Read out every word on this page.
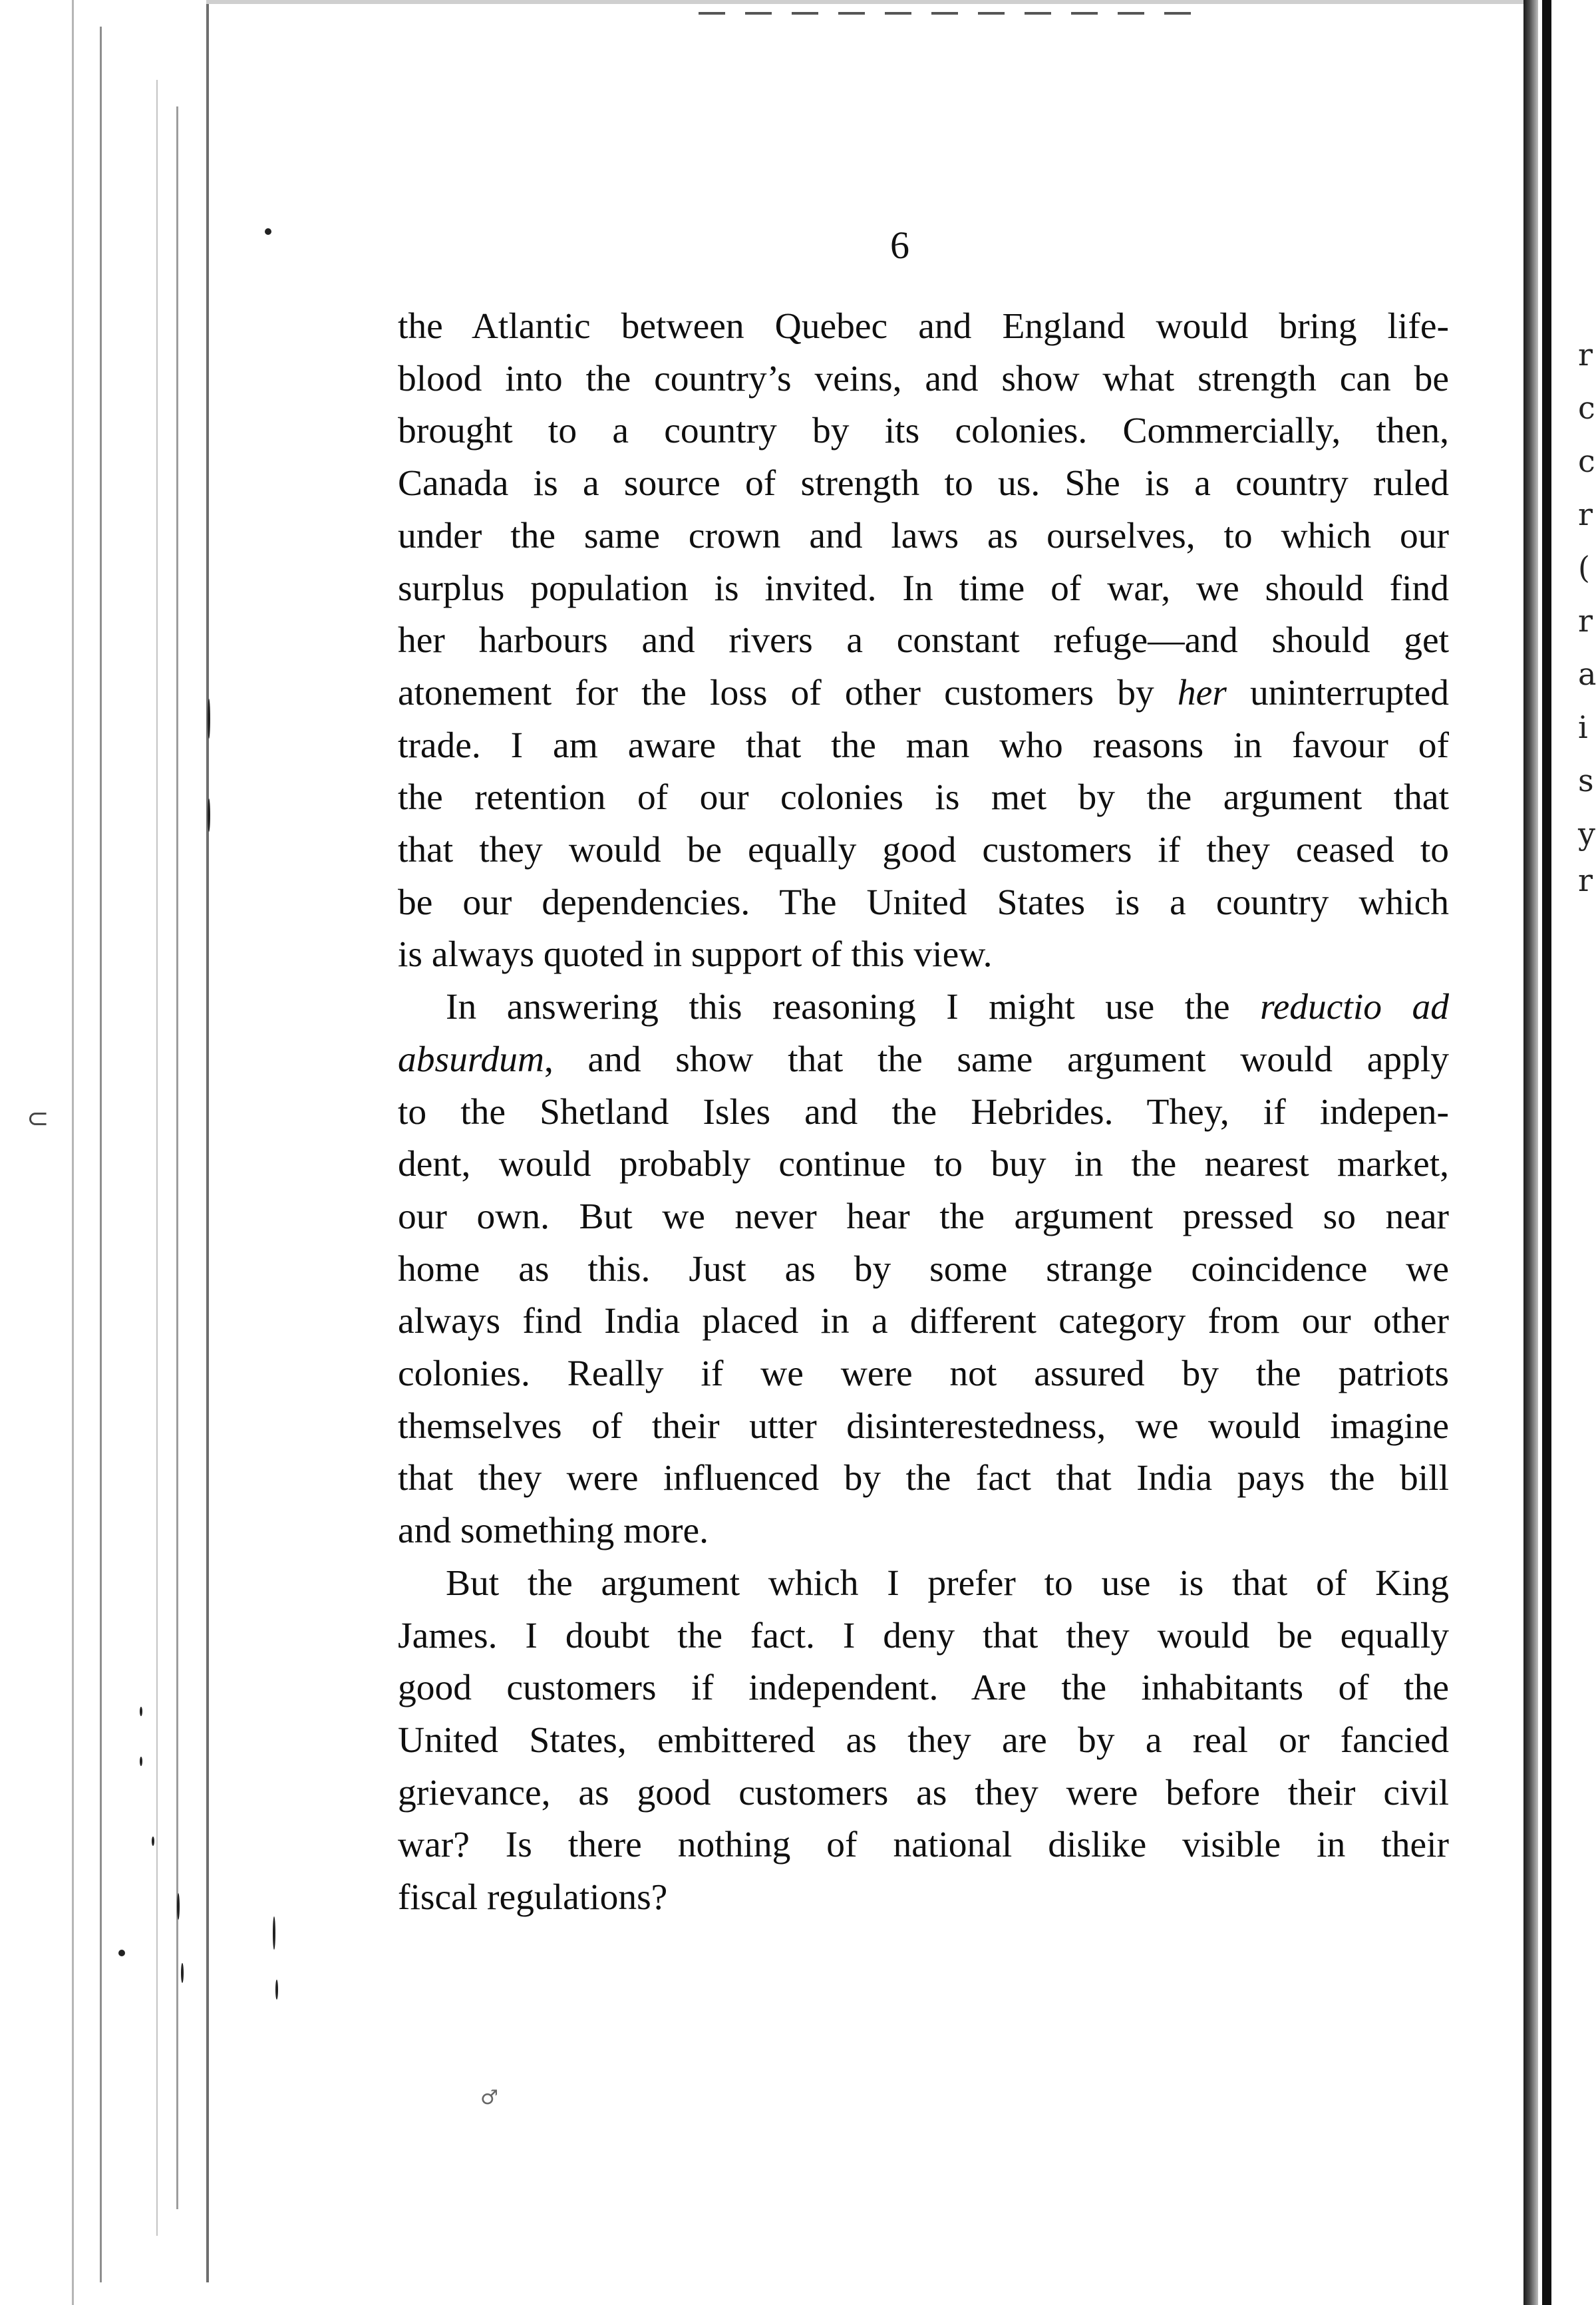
r
c
c
r
(
r
a
i
s
y
r
⊂
♂
6

the Atlantic between Quebec and England would bring life-
blood into the country’s veins, and show what strength can be
brought to a country by its colonies. Commercially, then,
Canada is a source of strength to us. She is a country ruled
under the same crown and laws as ourselves, to which our
surplus population is invited. In time of war, we should find
her harbours and rivers a constant refuge—and should get
atonement for the loss of other customers by her uninterrupted
trade. I am aware that the man who reasons in favour of
the retention of our colonies is met by the argument that
that they would be equally good customers if they ceased to
be our dependencies. The United States is a country which
is always quoted in support of this view.

In answering this reasoning I might use the reductio ad
absurdum, and show that the same argument would apply
to the Shetland Isles and the Hebrides. They, if indepen-
dent, would probably continue to buy in the nearest market,
our own. But we never hear the argument pressed so near
home as this. Just as by some strange coincidence we
always find India placed in a different category from our other
colonies. Really if we were not assured by the patriots
themselves of their utter disinterestedness, we would imagine
that they were influenced by the fact that India pays the bill
and something more.

But the argument which I prefer to use is that of King
James. I doubt the fact. I deny that they would be equally
good customers if independent. Are the inhabitants of the
United States, embittered as they are by a real or fancied
grievance, as good customers as they were before their civil
war? Is there nothing of national dislike visible in their
fiscal regulations?
